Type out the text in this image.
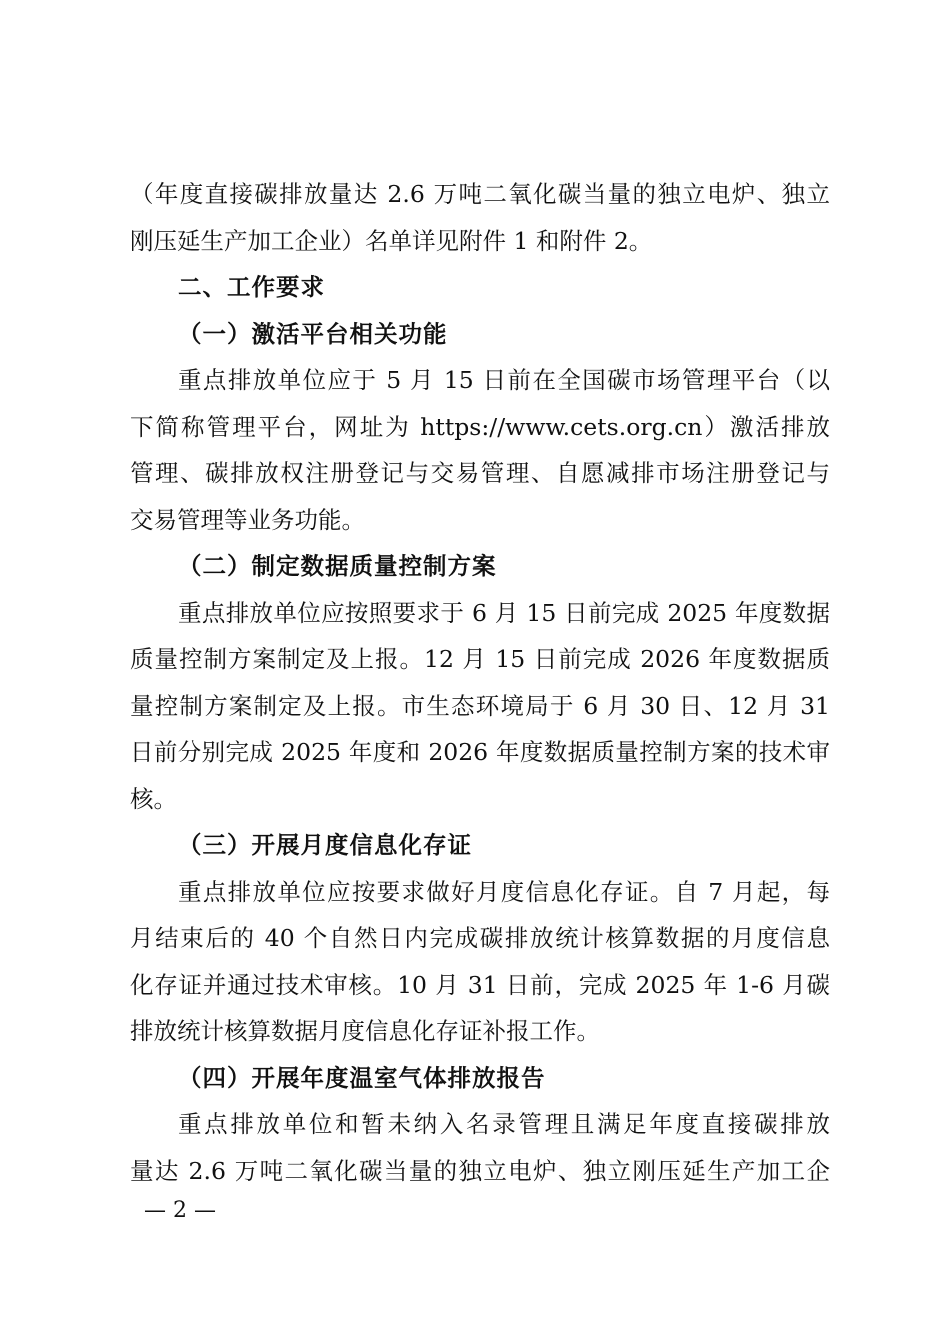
（年度直接碳排放量达 2.6 万吨二氧化碳当量的独立电炉、独立
刚压延生产加工企业）名单详见附件 1 和附件 2。
二、工作要求
（一）激活平台相关功能
重点排放单位应于 5 月 15 日前在全国碳市场管理平台（以
下简称管理平台，网址为 https://www.cets.org.cn）激活排放
管理、碳排放权注册登记与交易管理、自愿减排市场注册登记与
交易管理等业务功能。
（二）制定数据质量控制方案
重点排放单位应按照要求于 6 月 15 日前完成 2025 年度数据
质量控制方案制定及上报。12 月 15 日前完成 2026 年度数据质
量控制方案制定及上报。市生态环境局于 6 月 30 日、12 月 31
日前分别完成 2025 年度和 2026 年度数据质量控制方案的技术审
核。
（三）开展月度信息化存证
重点排放单位应按要求做好月度信息化存证。自 7 月起，每
月结束后的 40 个自然日内完成碳排放统计核算数据的月度信息
化存证并通过技术审核。10 月 31 日前，完成 2025 年 1-6 月碳
排放统计核算数据月度信息化存证补报工作。
（四）开展年度温室气体排放报告
重点排放单位和暂未纳入名录管理且满足年度直接碳排放
量达 2.6 万吨二氧化碳当量的独立电炉、独立刚压延生产加工企
— 2 —
